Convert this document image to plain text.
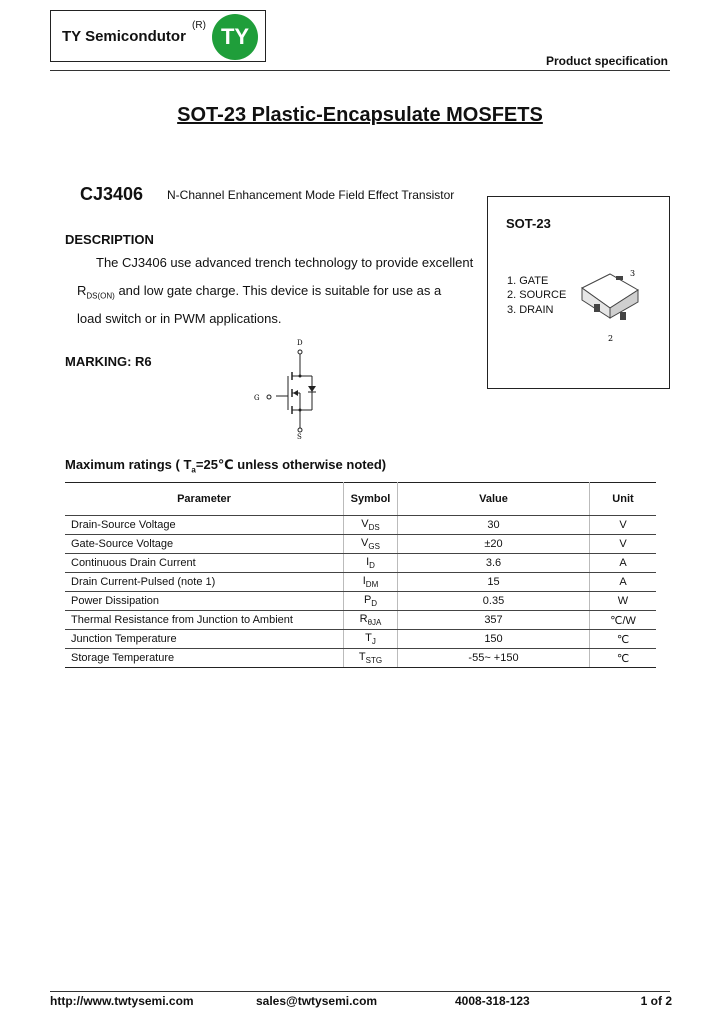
TY Semicondutor
(R) TY
Product specification
SOT-23 Plastic-Encapsulate MOSFETS
CJ3406 N-Channel Enhancement Mode Field Effect Transistor
DESCRIPTION
The CJ3406 use advanced trench technology to provide excellent
$R_{DS(ON)}$ and low gate charge. This device is suitable for use as a
load switch or in PWM applications.
MARKING: R6
D
S
G
SOT-23
1. GATE
2. SOURCE
3. DRAIN
3
2
Maximum ratings ( $T_a=25℃$ unless otherwise noted)
Parameter	Symbol	Value	Unit
Drain-Source Voltage	$V_{DS}$	30	V
Gate-Source Voltage	$V_{GS}$	±20	V
Continuous Drain Current	$I_D$	3.6	A
Drain Current-Pulsed (note 1)	$I_{DM}$	15	A
Power Dissipation	$P_D$	0.35	W
Thermal Resistance from Junction to Ambient	$R_{\theta JA}$	357	℃/W
Junction Temperature	$T_J$	150	℃
Storage Temperature	$T_{STG}$	-55~ +150	℃
http://www.twtysemi.com	sales@twtysemi.com	4008-318-123	1 of 2
